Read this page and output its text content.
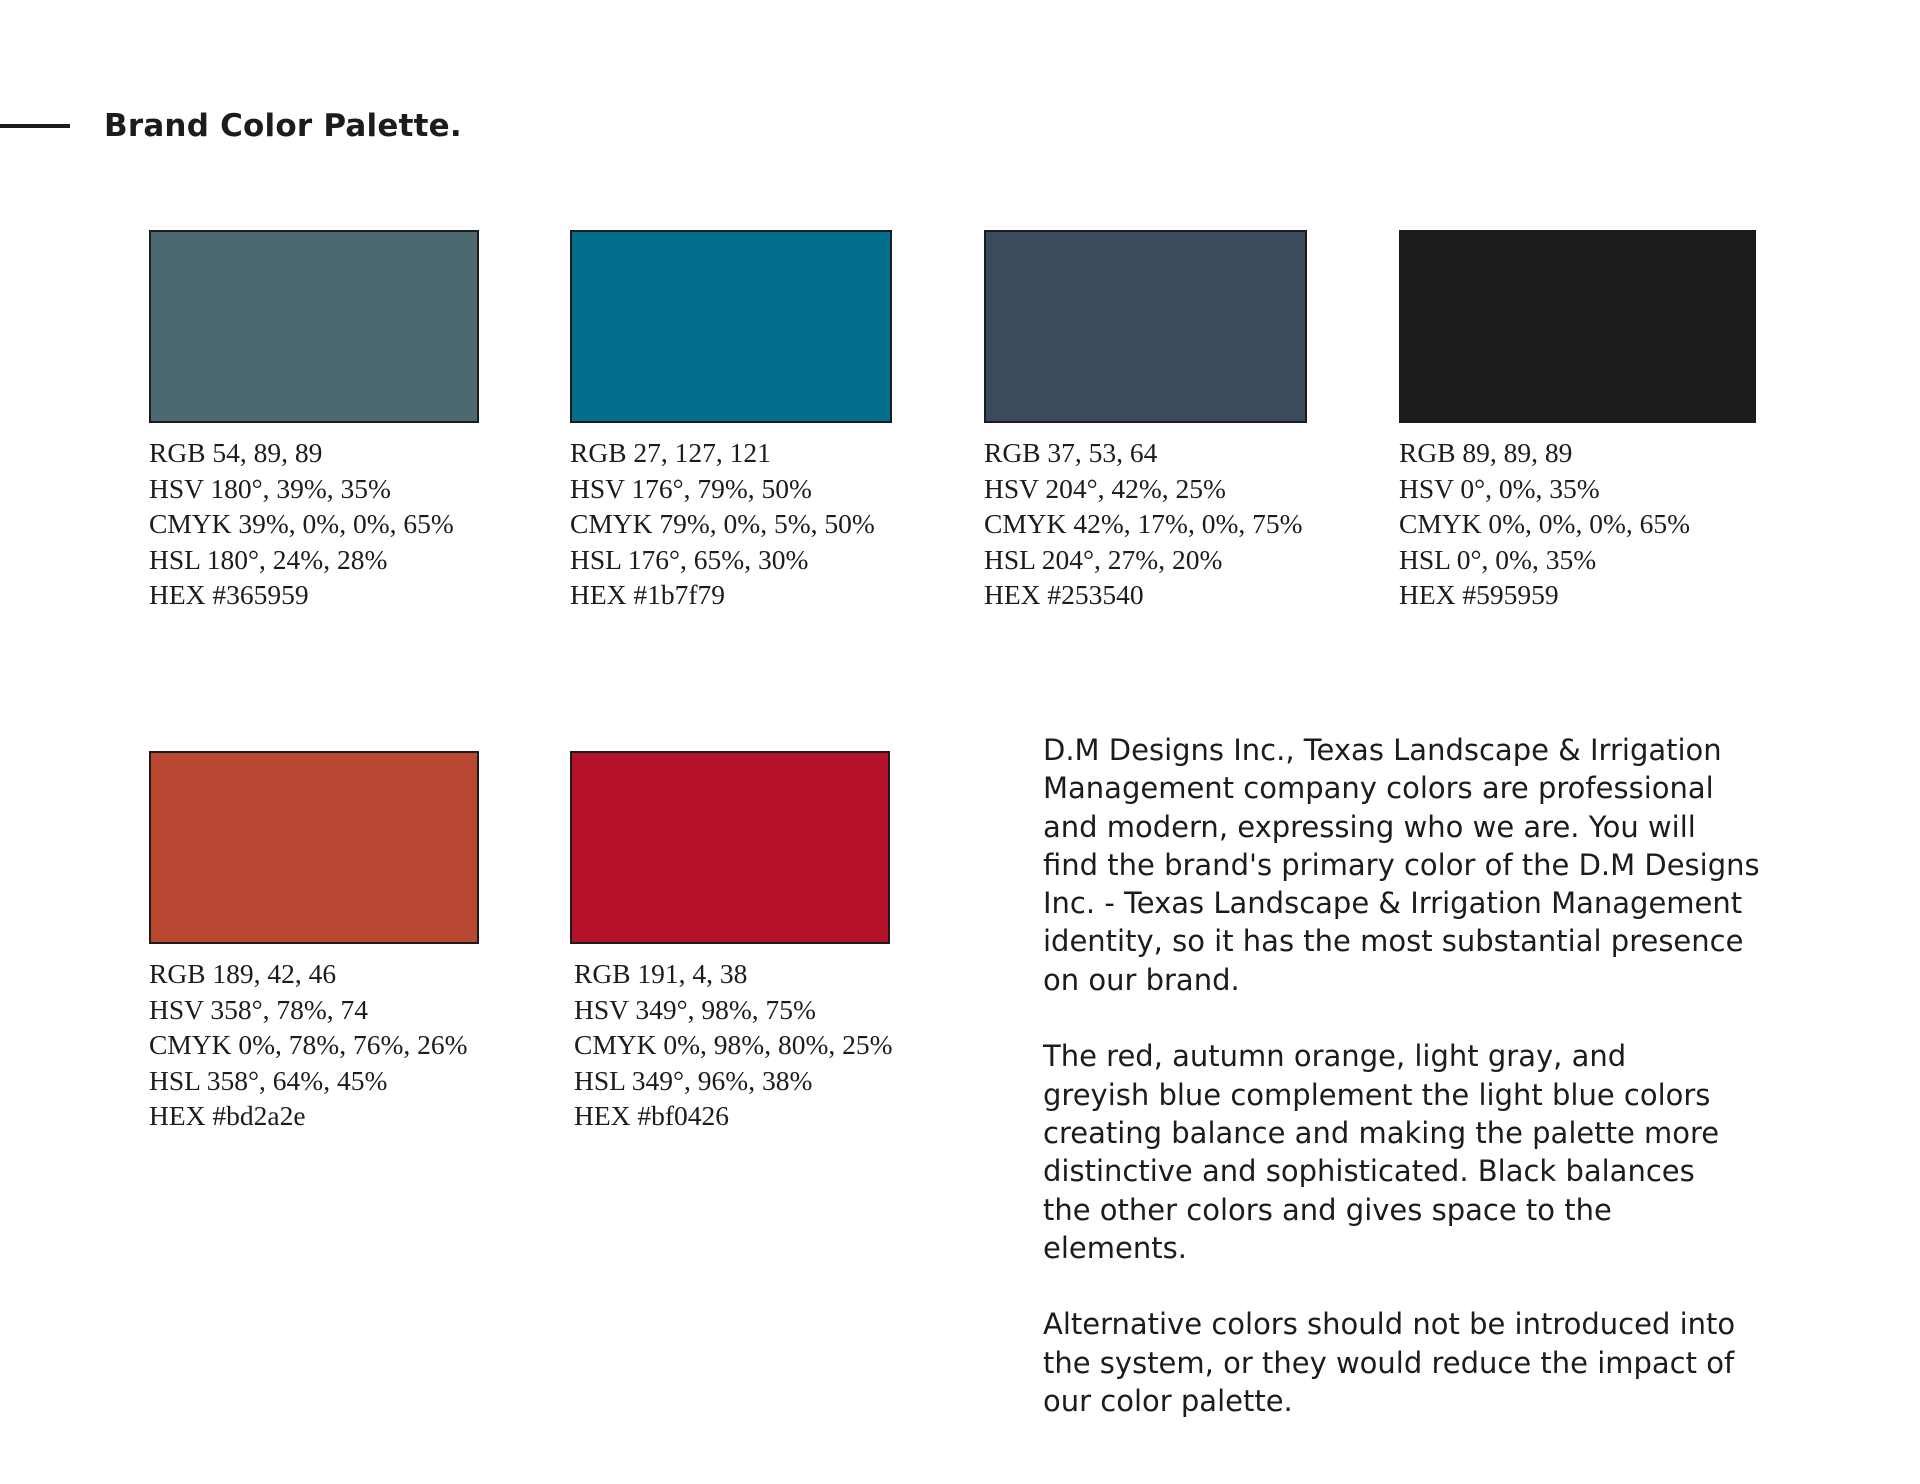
Brand Color Palette.
RGB 54, 89, 89
HSV 180°, 39%, 35%
CMYK 39%, 0%, 0%, 65%
HSL 180°, 24%, 28%
HEX #365959
RGB 27, 127, 121
HSV 176°, 79%, 50%
CMYK 79%, 0%, 5%, 50%
HSL 176°, 65%, 30%
HEX #1b7f79
RGB 37, 53, 64
HSV 204°, 42%, 25%
CMYK 42%, 17%, 0%, 75%
HSL 204°, 27%, 20%
HEX #253540
RGB 89, 89, 89
HSV 0°, 0%, 35%
CMYK 0%, 0%, 0%, 65%
HSL 0°, 0%, 35%
HEX #595959
RGB 189, 42, 46
HSV 358°, 78%, 74
CMYK 0%, 78%, 76%, 26%
HSL 358°, 64%, 45%
HEX #bd2a2e
RGB 191, 4, 38
HSV 349°, 98%, 75%
CMYK 0%, 98%, 80%, 25%
HSL 349°, 96%, 38%
HEX #bf0426

D.M Designs Inc., Texas Landscape & Irrigation
Management company colors are professional
and modern, expressing who we are. You will
find the brand's primary color of the D.M Designs
Inc. - Texas Landscape & Irrigation Management
identity, so it has the most substantial presence
on our brand.

The red, autumn orange, light gray, and
greyish blue complement the light blue colors
creating balance and making the palette more
distinctive and sophisticated. Black balances
the other colors and gives space to the
elements.

Alternative colors should not be introduced into
the system, or they would reduce the impact of
our color palette.
